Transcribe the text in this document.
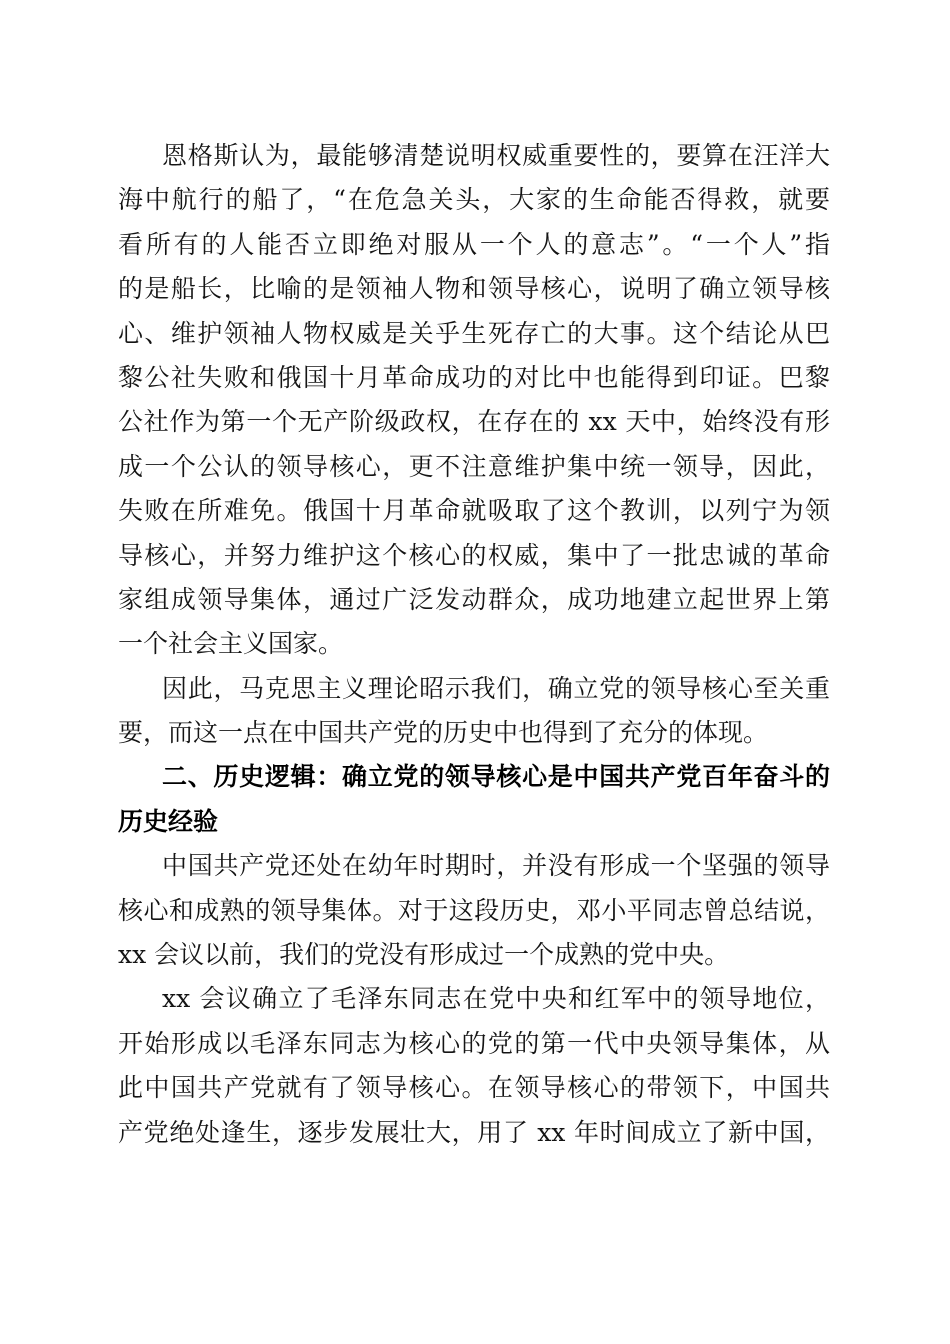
恩格斯认为，最能够清楚说明权威重要性的，要算在汪洋大
海中航行的船了，“在危急关头，大家的生命能否得救，就要
看所有的人能否立即绝对服从一个人的意志”。“一个人”指
的是船长，比喻的是领袖人物和领导核心，说明了确立领导核
心、维护领袖人物权威是关乎生死存亡的大事。这个结论从巴
黎公社失败和俄国十月革命成功的对比中也能得到印证。巴黎
公社作为第一个无产阶级政权，在存在的 xx 天中，始终没有形
成一个公认的领导核心，更不注意维护集中统一领导，因此，
失败在所难免。俄国十月革命就吸取了这个教训，以列宁为领
导核心，并努力维护这个核心的权威，集中了一批忠诚的革命
家组成领导集体，通过广泛发动群众，成功地建立起世界上第
一个社会主义国家。
因此，马克思主义理论昭示我们，确立党的领导核心至关重
要，而这一点在中国共产党的历史中也得到了充分的体现。
二、历史逻辑：确立党的领导核心是中国共产党百年奋斗的
历史经验
中国共产党还处在幼年时期时，并没有形成一个坚强的领导
核心和成熟的领导集体。对于这段历史，邓小平同志曾总结说，
xx 会议以前，我们的党没有形成过一个成熟的党中央。
xx 会议确立了毛泽东同志在党中央和红军中的领导地位，
开始形成以毛泽东同志为核心的党的第一代中央领导集体，从
此中国共产党就有了领导核心。在领导核心的带领下，中国共
产党绝处逢生，逐步发展壮大，用了 xx 年时间成立了新中国，
